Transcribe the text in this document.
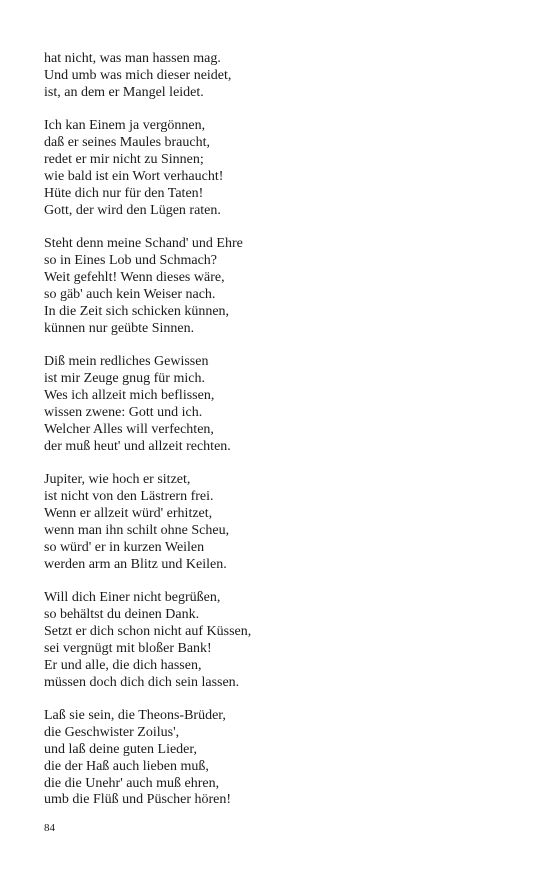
hat nicht, was man hassen mag.
Und umb was mich dieser neidet,
ist, an dem er Mangel leidet.
Ich kan Einem ja vergönnen,
daß er seines Maules braucht,
redet er mir nicht zu Sinnen;
wie bald ist ein Wort verhaucht!
Hüte dich nur für den Taten!
Gott, der wird den Lügen raten.
Steht denn meine Schand' und Ehre
so in Eines Lob und Schmach?
Weit gefehlt! Wenn dieses wäre,
so gäb' auch kein Weiser nach.
In die Zeit sich schicken künnen,
künnen nur geübte Sinnen.
Diß mein redliches Gewissen
ist mir Zeuge gnug für mich.
Wes ich allzeit mich beflissen,
wissen zwene: Gott und ich.
Welcher Alles will verfechten,
der muß heut' und allzeit rechten.
Jupiter, wie hoch er sitzet,
ist nicht von den Lästrern frei.
Wenn er allzeit würd' erhitzet,
wenn man ihn schilt ohne Scheu,
so würd' er in kurzen Weilen
werden arm an Blitz und Keilen.
Will dich Einer nicht begrüßen,
so behältst du deinen Dank.
Setzt er dich schon nicht auf Küssen,
sei vergnügt mit bloßer Bank!
Er und alle, die dich hassen,
müssen doch dich dich sein lassen.
Laß sie sein, die Theons-Brüder,
die Geschwister Zoilus',
und laß deine guten Lieder,
die der Haß auch lieben muß,
die die Unehr' auch muß ehren,
umb die Flüß und Püscher hören!
84
